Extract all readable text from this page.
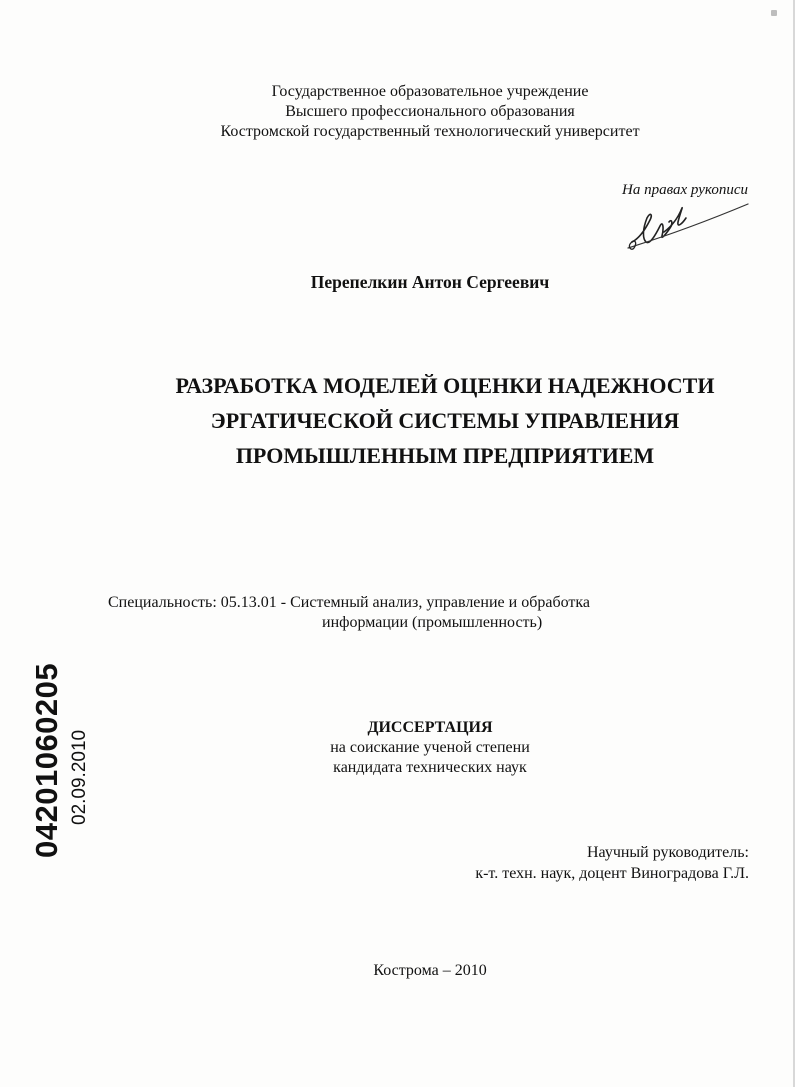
Государственное образовательное учреждение
Высшего профессионального образования
Костромской государственный технологический университет
На правах рукописи
Перепелкин Антон Сергеевич
РАЗРАБОТКА МОДЕЛЕЙ ОЦЕНКИ НАДЕЖНОСТИ
ЭРГАТИЧЕСКОЙ СИСТЕМЫ УПРАВЛЕНИЯ
ПРОМЫШЛЕННЫМ ПРЕДПРИЯТИЕМ
Специальность: 05.13.01 - Системный анализ, управление и обработка
информации (промышленность)
ДИССЕРТАЦИЯ
на соискание ученой степени
кандидата технических наук
Научный руководитель:
к-т. техн. наук, доцент Виноградова Г.Л.
Кострома – 2010
04201060205 02.09.2010
